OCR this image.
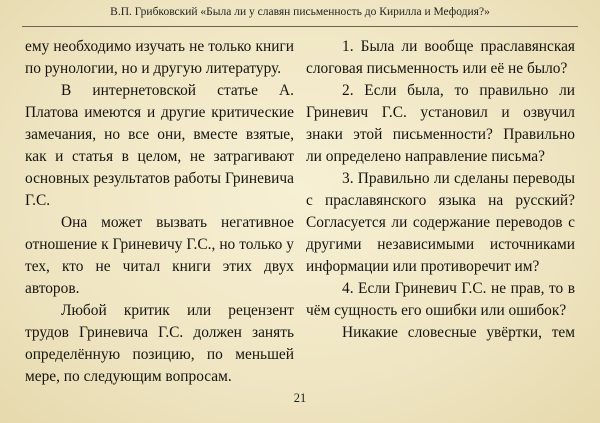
В.П. Грибковский «Была ли у славян письменность до Кирилла и Мефодия?»

ему необходимо изучать не только книги по рунологии, но и другую литературу.

В интернетовской статье А. Платова имеются и другие критические замечания, но все они, вместе взятые, как и статья в целом, не затрагивают основных результатов работы Гриневича Г.С.

Она может вызвать негативное отношение к Гриневичу Г.С., но только у тех, кто не читал книги этих двух авторов.

Любой критик или рецензент трудов Гриневича Г.С. должен занять определённую позицию, по меньшей мере, по следующим вопросам.

1. Была ли вообще праславянская слоговая письменность или её не было?

2. Если была, то правильно ли Гриневич Г.С. установил и озвучил знаки этой письменности? Правильно ли определено направление письма?

3. Правильно ли сделаны переводы с праславянского языка на русский? Согласуется ли содержание переводов с другими независимыми источниками информации или противоречит им?

4. Если Гриневич Г.С. не прав, то в чём сущность его ошибки или ошибок?

Никакие словесные увёртки, тем

21
